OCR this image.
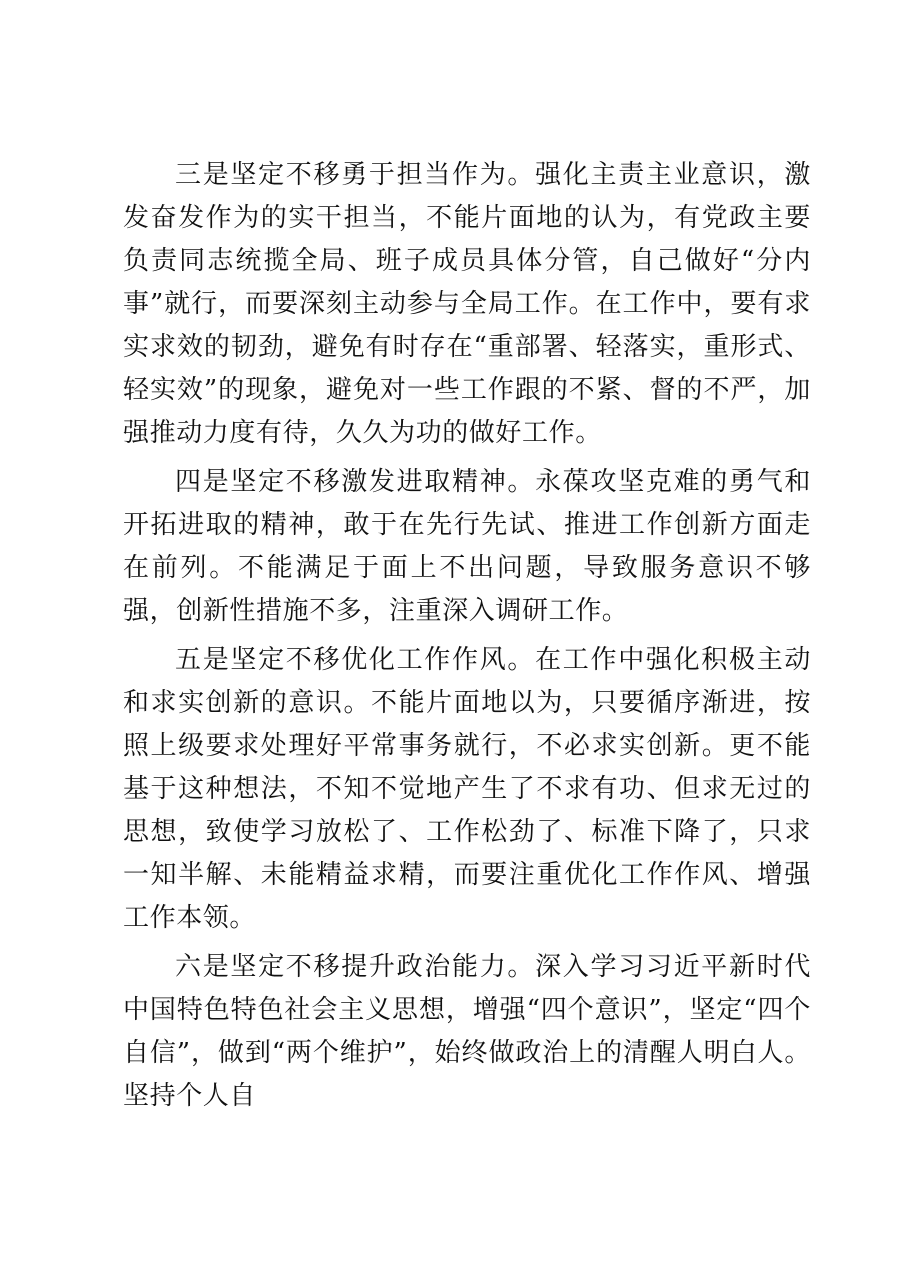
三是坚定不移勇于担当作为。强化主责主业意识，激发奋发作为的实干担当，不能片面地的认为，有党政主要负责同志统揽全局、班子成员具体分管，自己做好“分内事”就行，而要深刻主动参与全局工作。在工作中，要有求实求效的韧劲，避免有时存在“重部署、轻落实，重形式、轻实效”的现象，避免对一些工作跟的不紧、督的不严，加强推动力度有待，久久为功的做好工作。

四是坚定不移激发进取精神。永葆攻坚克难的勇气和开拓进取的精神，敢于在先行先试、推进工作创新方面走在前列。不能满足于面上不出问题，导致服务意识不够强，创新性措施不多，注重深入调研工作。

五是坚定不移优化工作作风。在工作中强化积极主动和求实创新的意识。不能片面地以为，只要循序渐进，按照上级要求处理好平常事务就行，不必求实创新。更不能基于这种想法，不知不觉地产生了不求有功、但求无过的思想，致使学习放松了、工作松劲了、标准下降了，只求一知半解、未能精益求精，而要注重优化工作作风、增强工作本领。

六是坚定不移提升政治能力。深入学习习近平新时代中国特色特色社会主义思想，增强“四个意识”，坚定“四个自信”，做到“两个维护”，始终做政治上的清醒人明白人。坚持个人自
